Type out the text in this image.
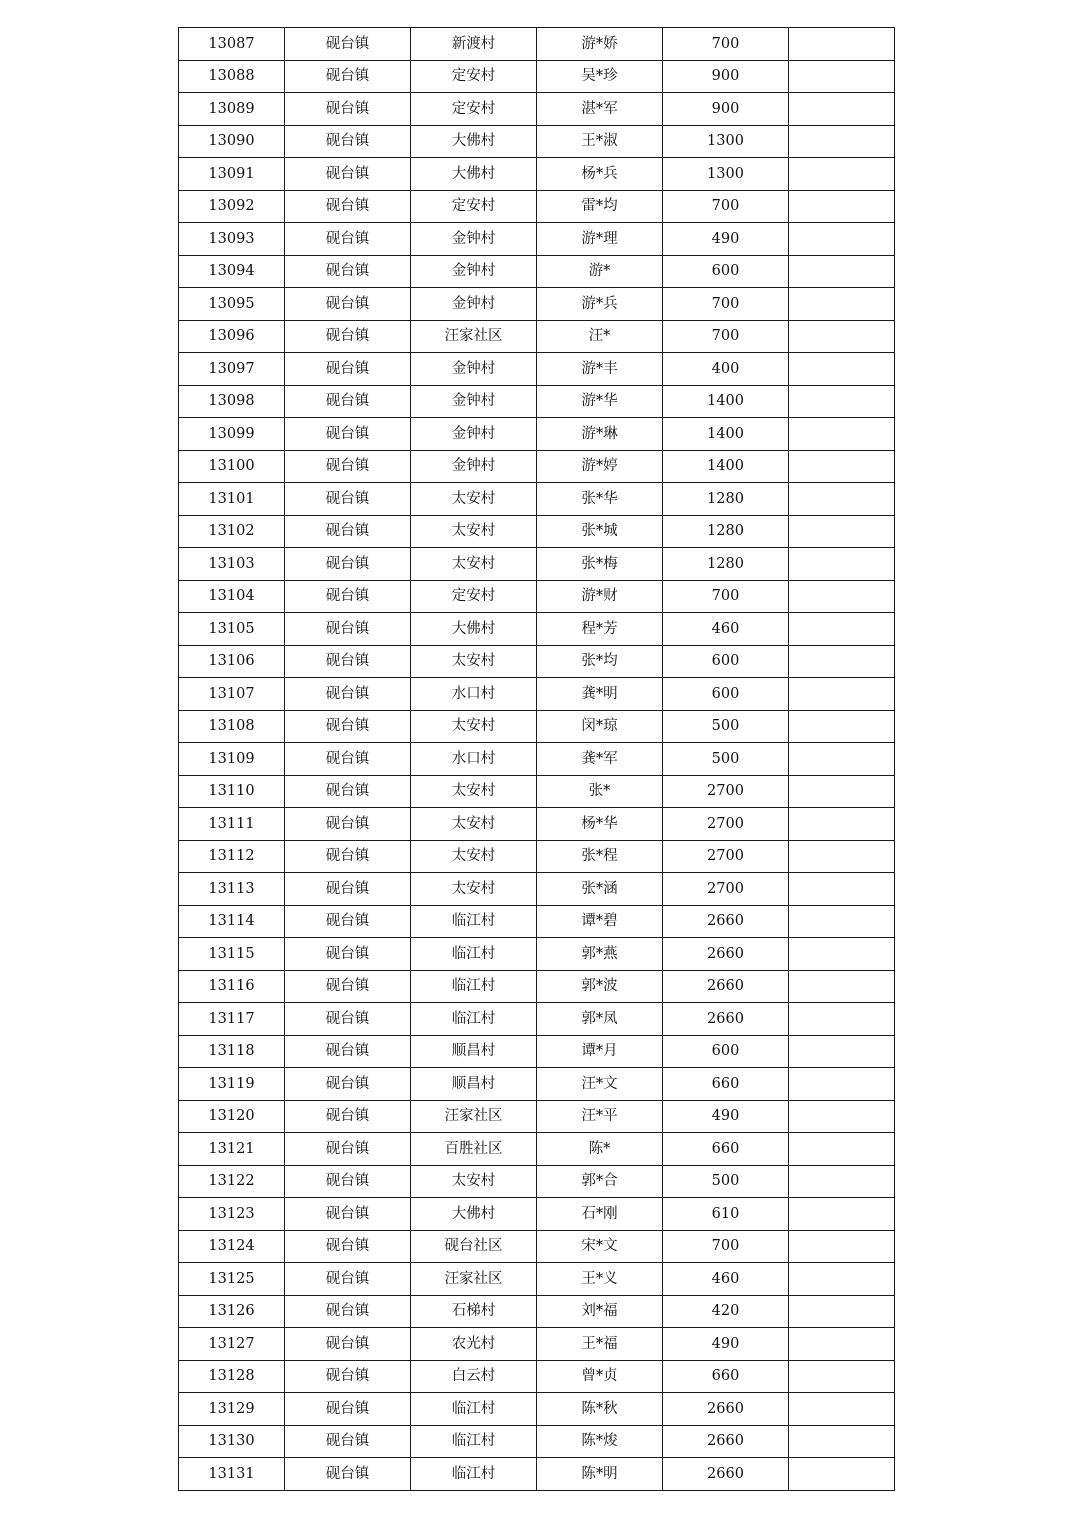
13087	砚台镇	新渡村	游*娇	700	
13088	砚台镇	定安村	吴*珍	900	
13089	砚台镇	定安村	湛*军	900	
13090	砚台镇	大佛村	王*淑	1300	
13091	砚台镇	大佛村	杨*兵	1300	
13092	砚台镇	定安村	雷*均	700	
13093	砚台镇	金钟村	游*理	490	
13094	砚台镇	金钟村	游*	600	
13095	砚台镇	金钟村	游*兵	700	
13096	砚台镇	汪家社区	汪*	700	
13097	砚台镇	金钟村	游*丰	400	
13098	砚台镇	金钟村	游*华	1400	
13099	砚台镇	金钟村	游*琳	1400	
13100	砚台镇	金钟村	游*婷	1400	
13101	砚台镇	太安村	张*华	1280	
13102	砚台镇	太安村	张*城	1280	
13103	砚台镇	太安村	张*梅	1280	
13104	砚台镇	定安村	游*财	700	
13105	砚台镇	大佛村	程*芳	460	
13106	砚台镇	太安村	张*均	600	
13107	砚台镇	水口村	龚*明	600	
13108	砚台镇	太安村	闵*琼	500	
13109	砚台镇	水口村	龚*军	500	
13110	砚台镇	太安村	张*	2700	
13111	砚台镇	太安村	杨*华	2700	
13112	砚台镇	太安村	张*程	2700	
13113	砚台镇	太安村	张*涵	2700	
13114	砚台镇	临江村	谭*碧	2660	
13115	砚台镇	临江村	郭*燕	2660	
13116	砚台镇	临江村	郭*波	2660	
13117	砚台镇	临江村	郭*凤	2660	
13118	砚台镇	顺昌村	谭*月	600	
13119	砚台镇	顺昌村	汪*文	660	
13120	砚台镇	汪家社区	汪*平	490	
13121	砚台镇	百胜社区	陈*	660	
13122	砚台镇	太安村	郭*合	500	
13123	砚台镇	大佛村	石*刚	610	
13124	砚台镇	砚台社区	宋*文	700	
13125	砚台镇	汪家社区	王*义	460	
13126	砚台镇	石梯村	刘*福	420	
13127	砚台镇	农光村	王*福	490	
13128	砚台镇	白云村	曾*贞	660	
13129	砚台镇	临江村	陈*秋	2660	
13130	砚台镇	临江村	陈*焌	2660	
13131	砚台镇	临江村	陈*明	2660	
